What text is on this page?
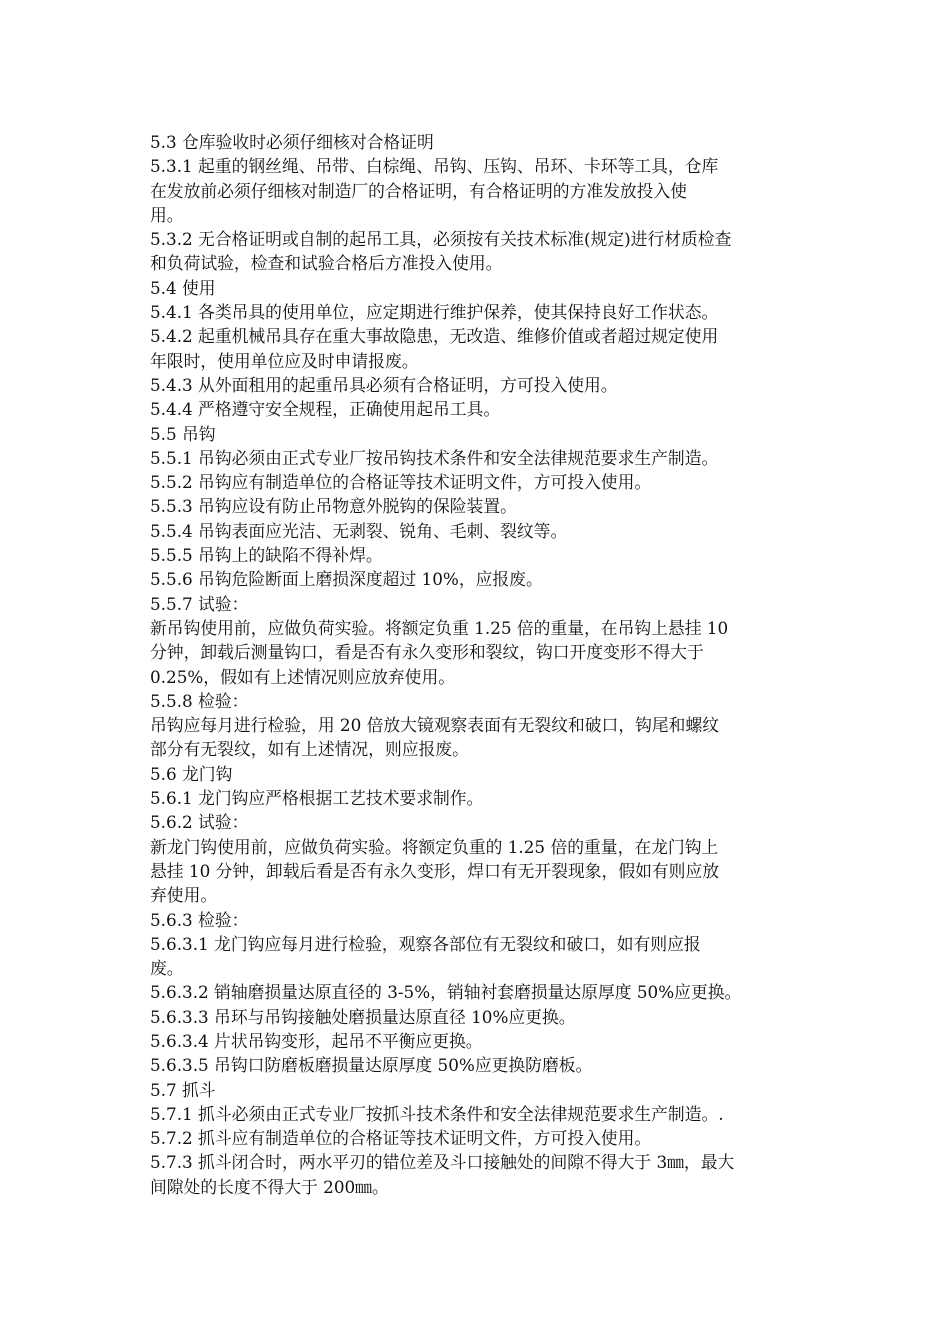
5.3 仓库验收时必须仔细核对合格证明
5.3.1 起重的钢丝绳、吊带、白棕绳、吊钩、压钩、吊环、卡环等工具，仓库
在发放前必须仔细核对制造厂的合格证明，有合格证明的方准发放投入使
用。
5.3.2 无合格证明或自制的起吊工具，必须按有关技术标准(规定)进行材质检查
和负荷试验，检查和试验合格后方准投入使用。
5.4 使用
5.4.1 各类吊具的使用单位，应定期进行维护保养，使其保持良好工作状态。
5.4.2 起重机械吊具存在重大事故隐患，无改造、维修价值或者超过规定使用
年限时，使用单位应及时申请报废。
5.4.3 从外面租用的起重吊具必须有合格证明，方可投入使用。
5.4.4 严格遵守安全规程，正确使用起吊工具。
5.5 吊钩
5.5.1 吊钩必须由正式专业厂按吊钩技术条件和安全法律规范要求生产制造。
5.5.2 吊钩应有制造单位的合格证等技术证明文件，方可投入使用。
5.5.3 吊钩应设有防止吊物意外脱钩的保险装置。
5.5.4 吊钩表面应光洁、无剥裂、锐角、毛刺、裂纹等。
5.5.5 吊钩上的缺陷不得补焊。
5.5.6 吊钩危险断面上磨损深度超过 10%，应报废。
5.5.7 试验：
新吊钩使用前，应做负荷实验。将额定负重 1.25 倍的重量，在吊钩上悬挂 10
分钟，卸载后测量钩口，看是否有永久变形和裂纹，钩口开度变形不得大于
0.25%，假如有上述情况则应放弃使用。
5.5.8 检验：
吊钩应每月进行检验，用 20 倍放大镜观察表面有无裂纹和破口，钩尾和螺纹
部分有无裂纹，如有上述情况，则应报废。
5.6 龙门钩
5.6.1 龙门钩应严格根据工艺技术要求制作。
5.6.2 试验：
新龙门钩使用前，应做负荷实验。将额定负重的 1.25 倍的重量，在龙门钩上
悬挂 10 分钟，卸载后看是否有永久变形，焊口有无开裂现象，假如有则应放
弃使用。
5.6.3 检验：
5.6.3.1 龙门钩应每月进行检验，观察各部位有无裂纹和破口，如有则应报
废。
5.6.3.2 销轴磨损量达原直径的 3-5%，销轴衬套磨损量达原厚度 50%应更换。
5.6.3.3 吊环与吊钩接触处磨损量达原直径 10%应更换。
5.6.3.4 片状吊钩变形，起吊不平衡应更换。
5.6.3.5 吊钩口防磨板磨损量达原厚度 50%应更换防磨板。
5.7 抓斗
5.7.1 抓斗必须由正式专业厂按抓斗技术条件和安全法律规范要求生产制造。.
5.7.2 抓斗应有制造单位的合格证等技术证明文件，方可投入使用。
5.7.3 抓斗闭合时，两水平刃的错位差及斗口接触处的间隙不得大于 3㎜，最大
间隙处的长度不得大于 200㎜。
